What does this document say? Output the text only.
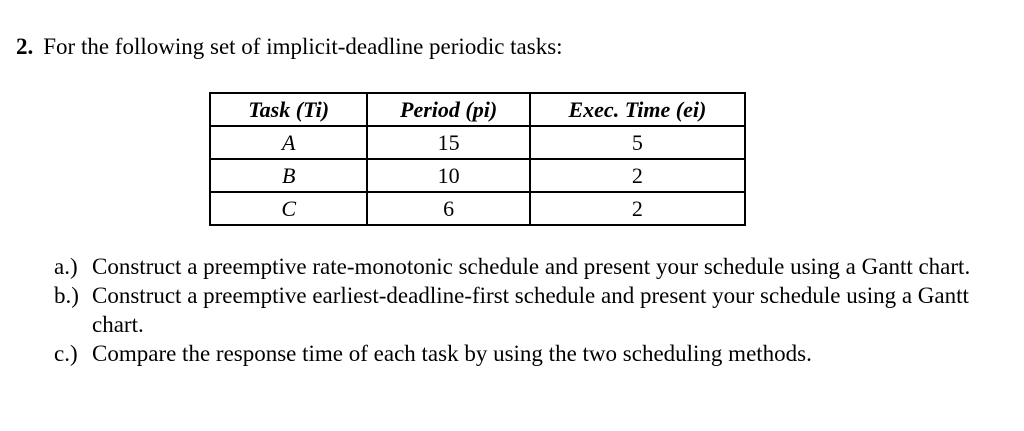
2. For the following set of implicit-deadline periodic tasks:
Task (Ti)	Period (pi)	Exec. Time (ei)
A	15	5
B	10	2
C	6	2
a.) Construct a preemptive rate-monotonic schedule and present your schedule using a Gantt chart.
b.) Construct a preemptive earliest-deadline-first schedule and present your schedule using a Gantt chart.
c.) Compare the response time of each task by using the two scheduling methods.
